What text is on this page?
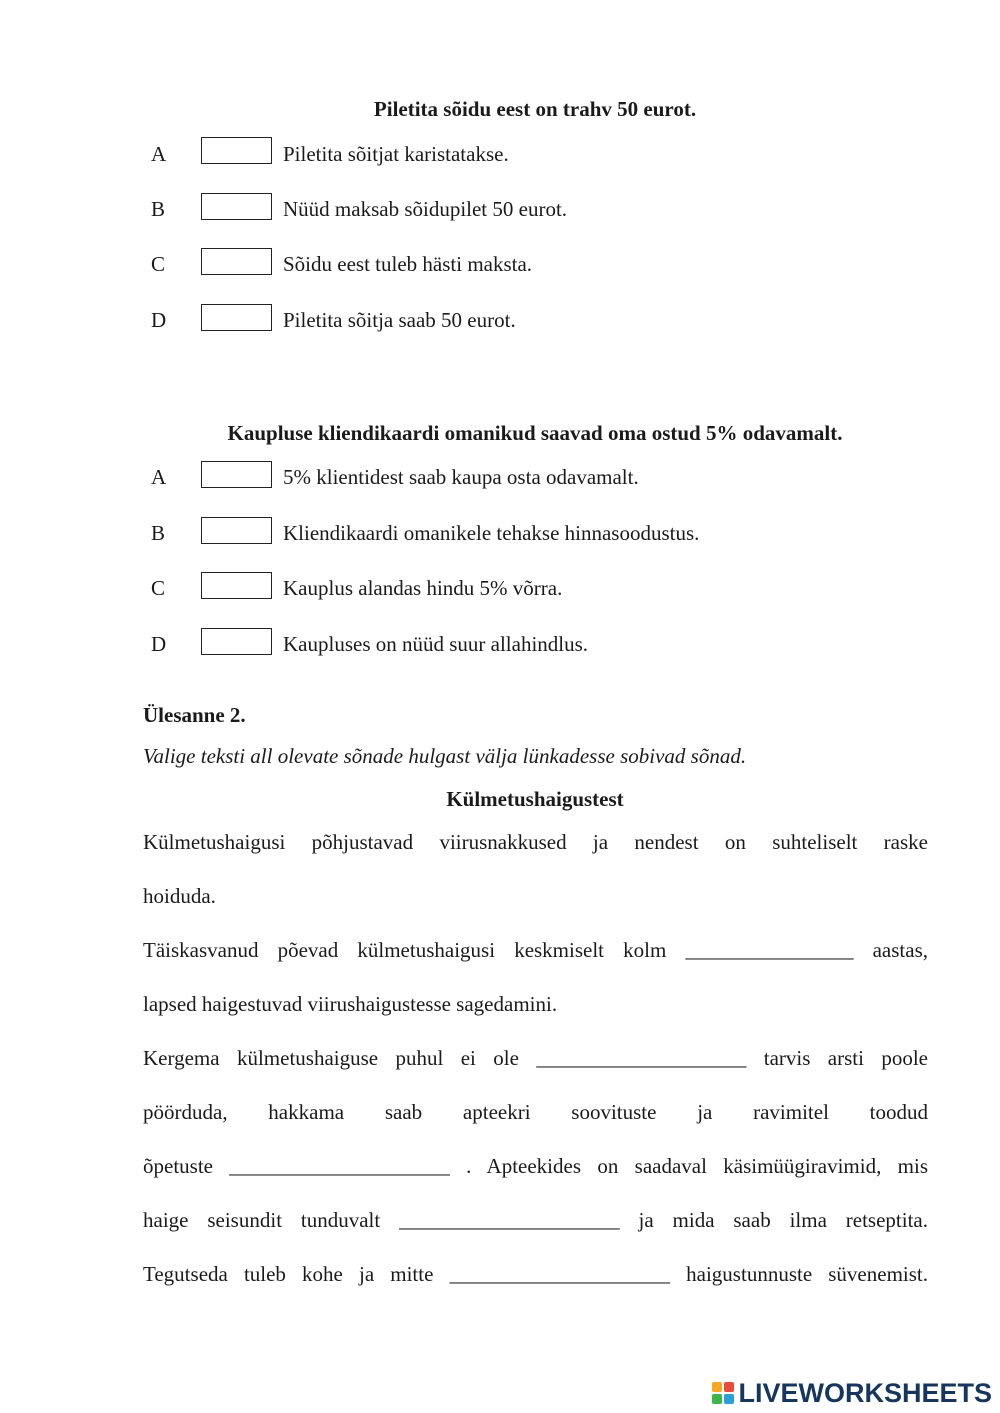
Piletita sõidu eest on trahv 50 eurot.
A	Piletita sõitjat karistatakse.
B	Nüüd maksab sõidupilet 50 eurot.
C	Sõidu eest tuleb hästi maksta.
D	Piletita sõitja saab 50 eurot.
Kaupluse kliendikaardi omanikud saavad oma ostud 5% odavamalt.
A	5% klientidest saab kaupa osta odavamalt.
B	Kliendikaardi omanikele tehakse hinnasoodustus.
C	Kauplus alandas hindu 5% võrra.
D	Kaupluses on nüüd suur allahindlus.
Ülesanne 2.
Valige teksti all olevate sõnade hulgast välja lünkadesse sobivad sõnad.
Külmetushaigustest
Külmetushaigusi põhjustavad viirusnakkused ja nendest on suhteliselt raske
hoiduda.
Täiskasvanud põevad külmetushaigusi keskmiselt kolm ________________ aastas,
lapsed haigestuvad viirushaigustesse sagedamini.
Kergema külmetushaiguse puhul ei ole ____________________ tarvis arsti poole
pöörduda, hakkama saab apteekri soovituste ja ravimitel toodud
õpetuste _____________________ . Apteekides on saadaval käsimüügiravimid, mis
haige seisundit tunduvalt _____________________ ja mida saab ilma retseptita.
Tegutseda tuleb kohe ja mitte _____________________ haigustunnuste süvenemist.
LIVEWORKSHEETS
